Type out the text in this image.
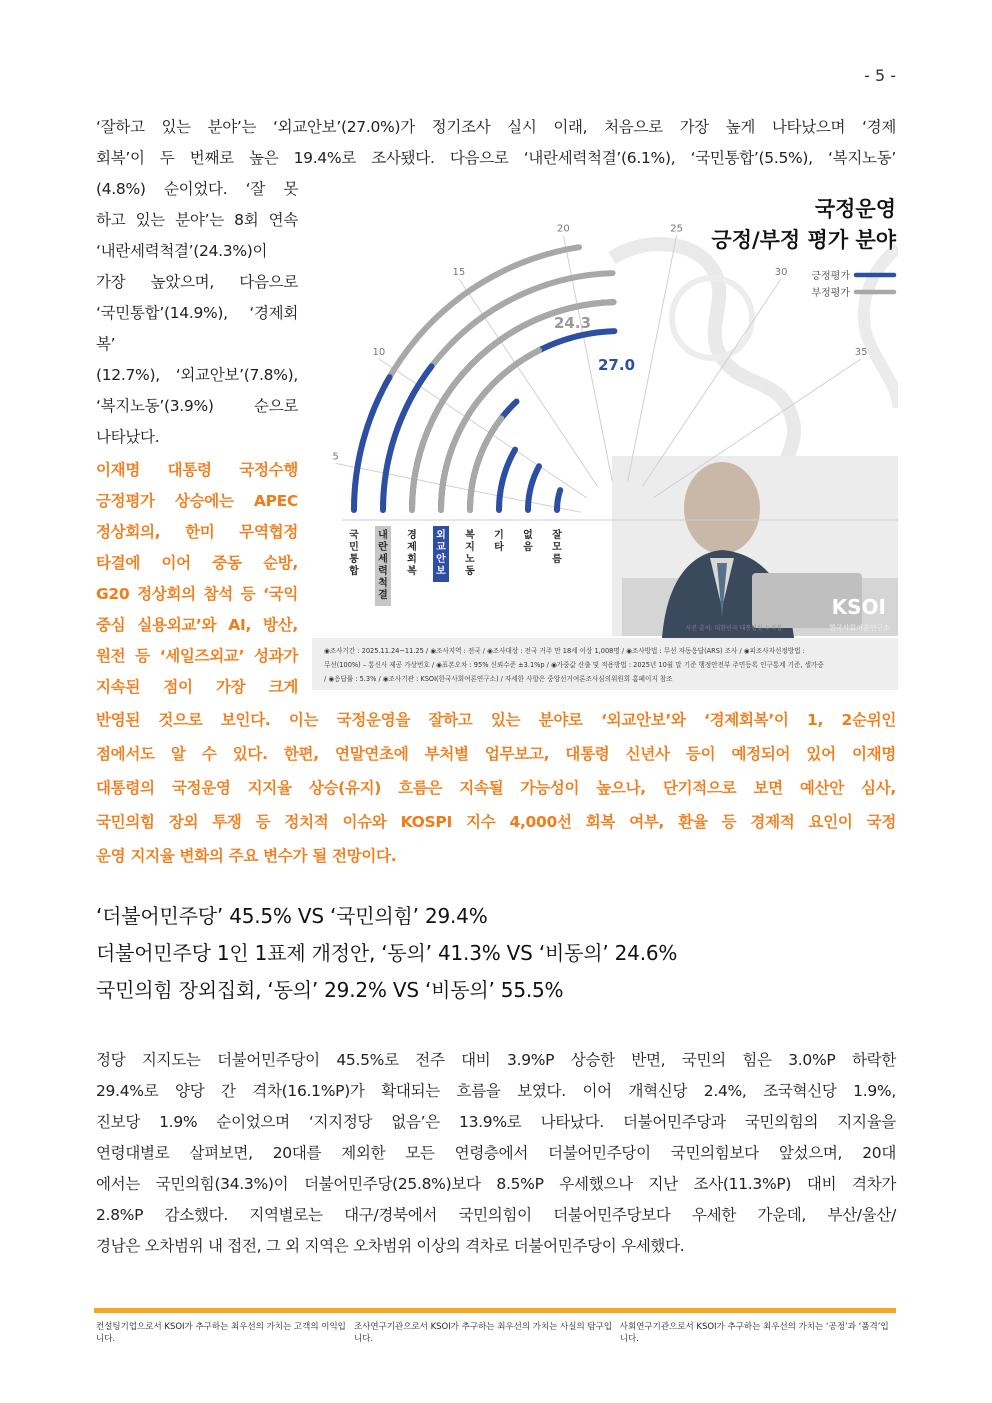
- 5 -
‘잘하고 있는 분야’는 ‘외교안보’(27.0%)가 정기조사 실시 이래, 처음으로 가장 높게 나타났으며 ‘경제
회복’이 두 번째로 높은 19.4%로 조사됐다. 다음으로 ‘내란세력척결’(6.1%), ‘국민통합’(5.5%), ‘복지노동’
(4.8%) 순이었다. ‘잘 못
하고 있는 분야’는 8회 연속
‘내란세력척결’(24.3%)이
가장 높았으며, 다음으로
‘국민통합’(14.9%), ‘경제회복’
(12.7%), ‘외교안보’(7.8%),
‘복지노동’(3.9%) 순으로
나타났다.
이재명 대통령 국정수행
긍정평가 상승에는 APEC
정상회의, 한미 무역협정
타결에 이어 중동 순방,
G20 정상회의 참석 등 ‘국익
중심 실용외교’와 AI, 방산,
원전 등 ‘세일즈외교’ 성과가
지속된 점이 가장 크게
반영된 것으로 보인다. 이는 국정운영을 잘하고 있는 분야로 ‘외교안보’와 ‘경제회복’이 1, 2순위인
점에서도 알 수 있다. 한편, 연말연초에 부처별 업무보고, 대통령 신년사 등이 예정되어 있어 이재명
대통령의 국정운영 지지율 상승(유지) 흐름은 지속될 가능성이 높으나, 단기적으로 보면 예산안 심사,
국민의힘 장외 투쟁 등 정치적 이슈와 KOSPI 지수 4,000선 회복 여부, 환율 등 경제적 요인이 국정
운영 지지율 변화의 주요 변수가 될 전망이다.
5
10
15
20	25
30
35
국
민
통
합
내
란
세
력
척
결
경
제
회
복
외
교
안
보
복
지
노
동
기
타
없
음
잘
모
름
24.3
27.0
국정운영
긍정/부정 평가 분야
긍정평가
부정평가
KSOI
한국사회여론연구소
사진 출처: 대한민국 대통령실 누리집
◉조사기간 : 2025.11.24~11.25 / ◉조사지역 : 전국 / ◉조사대상 : 전국 거주 만 18세 이상 1,008명 / ◉조사방법 : 무선 자동응답(ARS) 조사 / ◉피조사자선정방법 :
무선(100%) – 통신사 제공 가상번호 / ◉표본오차 : 95% 신뢰수준 ±3.1%p / ◉가중값 산출 및 적용방법 : 2025년 10월 말 기준 행정안전부 주민등록 인구통계 기준, 셀가중
/ ◉응답률 : 5.3% / ◉조사기관 : KSOI(한국사회여론연구소) / 자세한 사항은 중앙선거여론조사심의위원회 홈페이지 참조
‘더불어민주당’ 45.5% VS ‘국민의힘’ 29.4%
더불어민주당 1인 1표제 개정안, ‘동의’ 41.3% VS ‘비동의’ 24.6%
국민의힘 장외집회, ‘동의’ 29.2% VS ‘비동의’ 55.5%
정당 지지도는 더불어민주당이 45.5%로 전주 대비 3.9%P 상승한 반면, 국민의 힘은 3.0%P 하락한
29.4%로 양당 간 격차(16.1%P)가 확대되는 흐름을 보였다. 이어 개혁신당 2.4%, 조국혁신당 1.9%,
진보당 1.9% 순이었으며 ‘지지정당 없음’은 13.9%로 나타났다. 더불어민주당과 국민의힘의 지지율을
연령대별로 살펴보면, 20대를 제외한 모든 연령층에서 더불어민주당이 국민의힘보다 앞섰으며, 20대
에서는 국민의힘(34.3%)이 더불어민주당(25.8%)보다 8.5%P 우세했으나 지난 조사(11.3%P) 대비 격차가
2.8%P 감소했다. 지역별로는 대구/경북에서 국민의힘이 더불어민주당보다 우세한 가운데, 부산/울산/
경남은 오차범위 내 접전, 그 외 지역은 오차범위 이상의 격차로 더불어민주당이 우세했다.
컨설팅기업으로서 KSOI가 추구하는 최우선의 가치는 고객의 이익입니다.
조사연구기관으로서 KSOI가 추구하는 최우선의 가치는 사실의 탐구입니다.
사회연구기관으로서 KSOI가 추구하는 최우선의 가치는 ‘공정’과 ‘품격’입니다.
